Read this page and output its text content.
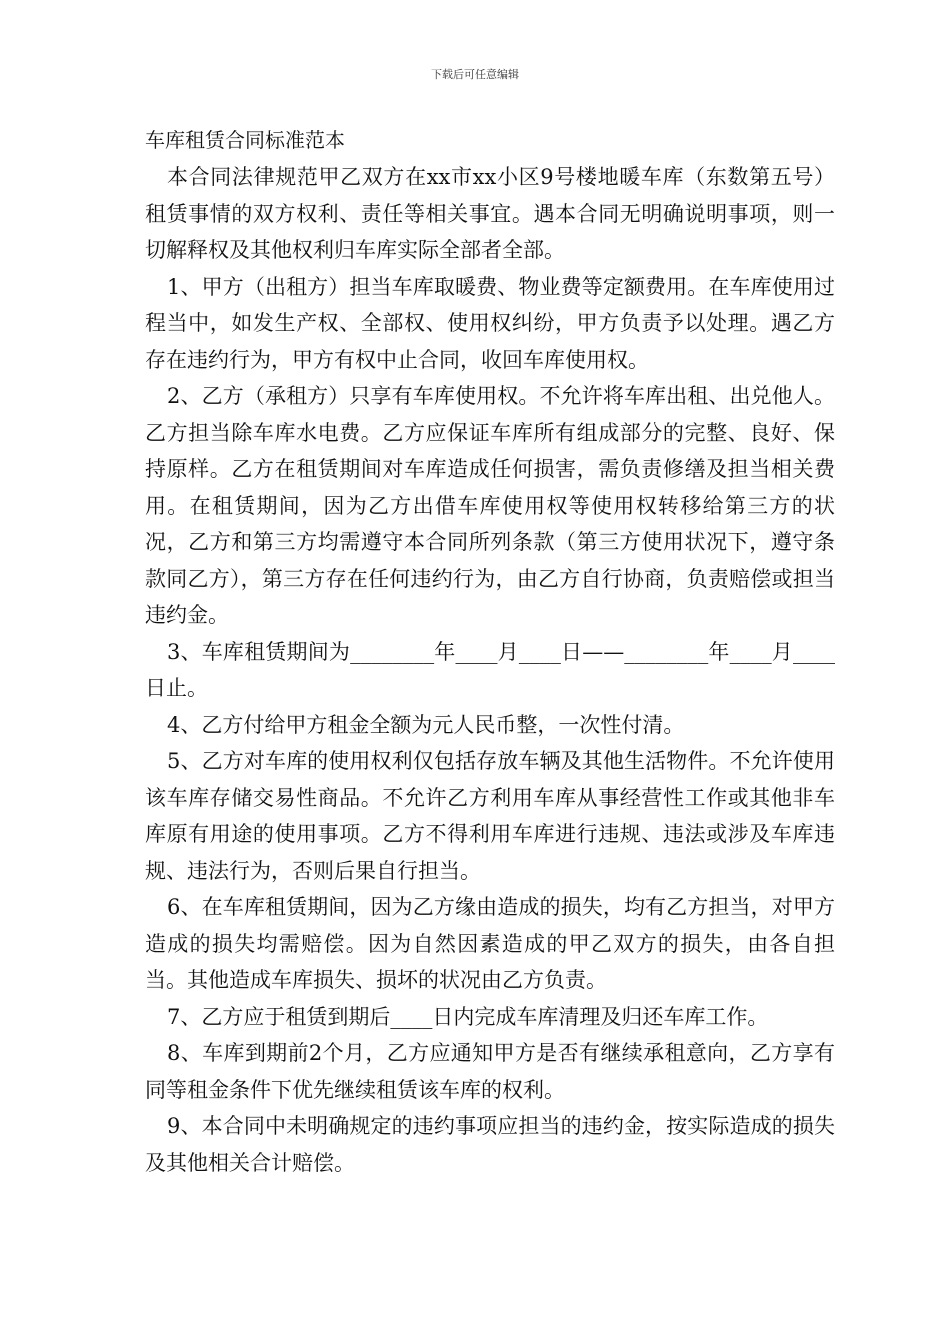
下载后可任意编辑

车库租赁合同标准范本

本合同法律规范甲乙双方在xx市xx小区9号楼地暖车库（东数第五号）租赁事情的双方权利、责任等相关事宜。遇本合同无明确说明事项，则一切解释权及其他权利归车库实际全部者全部。

1、甲方（出租方）担当车库取暖费、物业费等定额费用。在车库使用过程当中，如发生产权、全部权、使用权纠纷，甲方负责予以处理。遇乙方存在违约行为，甲方有权中止合同，收回车库使用权。

2、乙方（承租方）只享有车库使用权。不允许将车库出租、出兑他人。乙方担当除车库水电费。乙方应保证车库所有组成部分的完整、良好、保持原样。乙方在租赁期间对车库造成任何损害，需负责修缮及担当相关费用。在租赁期间，因为乙方出借车库使用权等使用权转移给第三方的状况，乙方和第三方均需遵守本合同所列条款（第三方使用状况下，遵守条款同乙方），第三方存在任何违约行为，由乙方自行协商，负责赔偿或担当违约金。

3、车库租赁期间为________年____月____日——________年____月____日止。

4、乙方付给甲方租金全额为元人民币整，一次性付清。

5、乙方对车库的使用权利仅包括存放车辆及其他生活物件。不允许使用该车库存储交易性商品。不允许乙方利用车库从事经营性工作或其他非车库原有用途的使用事项。乙方不得利用车库进行违规、违法或涉及车库违规、违法行为，否则后果自行担当。

6、在车库租赁期间，因为乙方缘由造成的损失，均有乙方担当，对甲方造成的损失均需赔偿。因为自然因素造成的甲乙双方的损失，由各自担当。其他造成车库损失、损坏的状况由乙方负责。

7、乙方应于租赁到期后____日内完成车库清理及归还车库工作。

8、车库到期前2个月，乙方应通知甲方是否有继续承租意向，乙方享有同等租金条件下优先继续租赁该车库的权利。

9、本合同中未明确规定的违约事项应担当的违约金，按实际造成的损失及其他相关合计赔偿。
